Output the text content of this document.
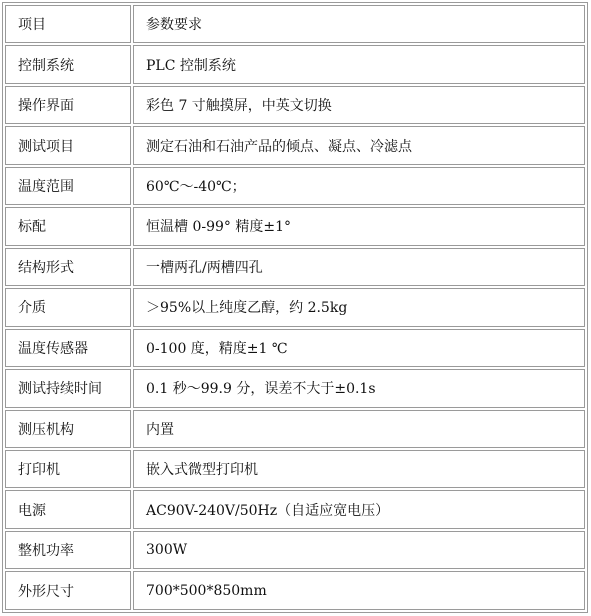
项目	参数要求
控制系统	PLC 控制系统
操作界面	彩色 7 寸触摸屏，中英文切换
测试项目	测定石油和石油产品的倾点、凝点、冷滤点
温度范围	60℃～-40℃；
标配	恒温槽 0-99° 精度±1°
结构形式	一槽两孔/两槽四孔
介质	＞95%以上纯度乙醇，约 2.5kg
温度传感器	0-100 度，精度±1 ℃
测试持续时间	0.1 秒～99.9 分，误差不大于±0.1s
测压机构	内置
打印机	嵌入式微型打印机
电源	AC90V-240V/50Hz（自适应宽电压）
整机功率	300W
外形尺寸	700*500*850mm
